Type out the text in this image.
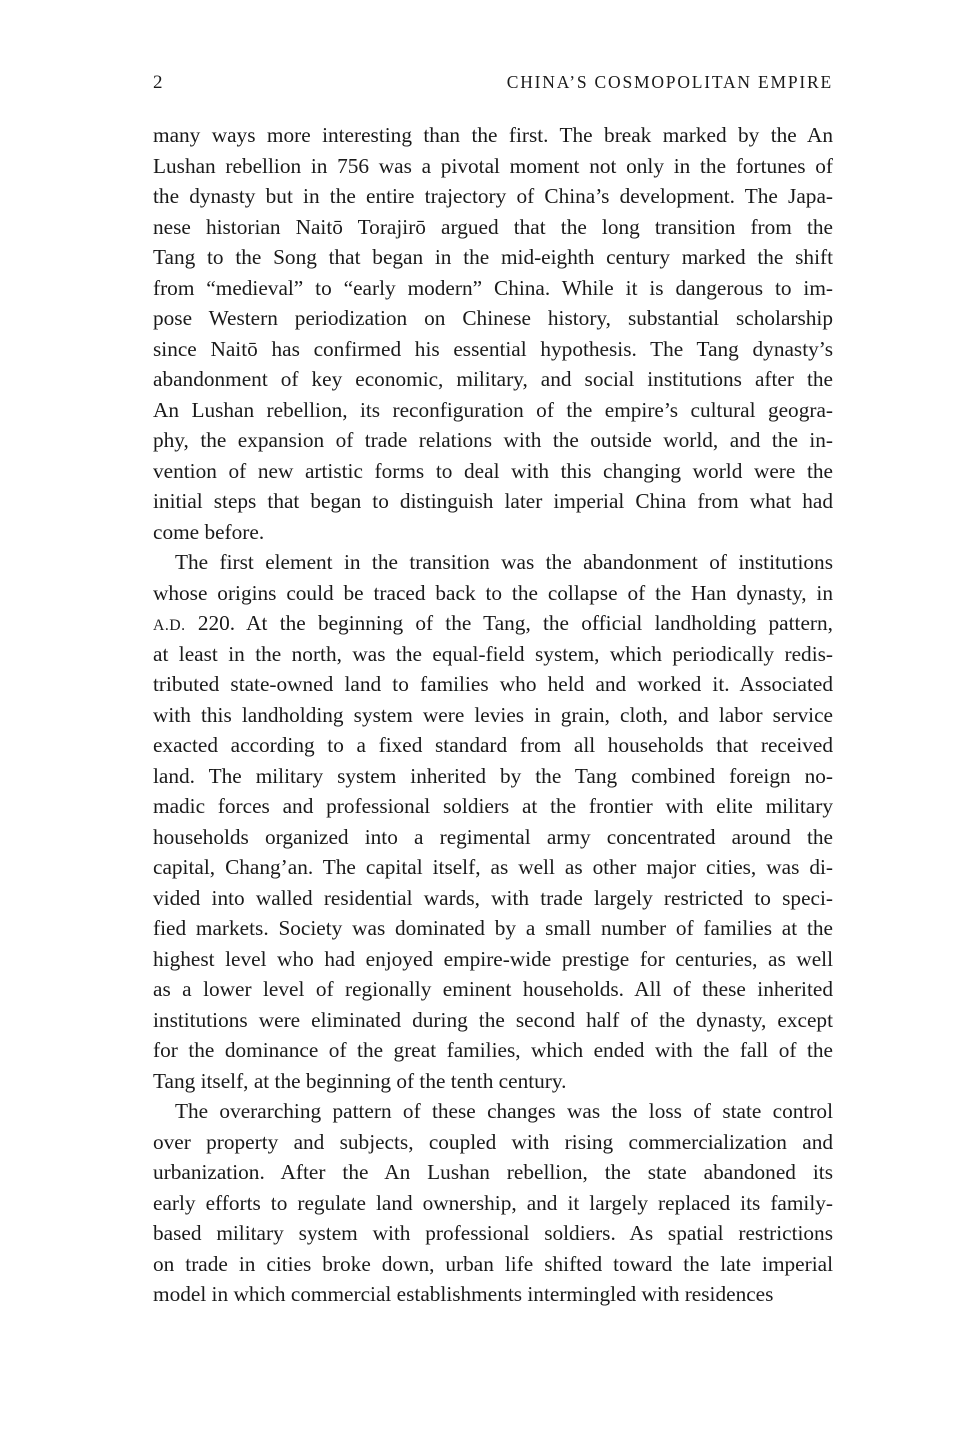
2	CHINA’S COSMOPOLITAN EMPIRE
many ways more interesting than the first. The break marked by the An
Lushan rebellion in 756 was a pivotal moment not only in the fortunes of
the dynasty but in the entire trajectory of China’s development. The Japa-
nese historian Naitō Torajirō argued that the long transition from the
Tang to the Song that began in the mid-eighth century marked the shift
from “medieval” to “early modern” China. While it is dangerous to im-
pose Western periodization on Chinese history, substantial scholarship
since Naitō has confirmed his essential hypothesis. The Tang dynasty’s
abandonment of key economic, military, and social institutions after the
An Lushan rebellion, its reconfiguration of the empire’s cultural geogra-
phy, the expansion of trade relations with the outside world, and the in-
vention of new artistic forms to deal with this changing world were the
initial steps that began to distinguish later imperial China from what had
come before.
The first element in the transition was the abandonment of institutions
whose origins could be traced back to the collapse of the Han dynasty, in
A.D. 220. At the beginning of the Tang, the official landholding pattern,
at least in the north, was the equal-field system, which periodically redis-
tributed state-owned land to families who held and worked it. Associated
with this landholding system were levies in grain, cloth, and labor service
exacted according to a fixed standard from all households that received
land. The military system inherited by the Tang combined foreign no-
madic forces and professional soldiers at the frontier with elite military
households organized into a regimental army concentrated around the
capital, Chang’an. The capital itself, as well as other major cities, was di-
vided into walled residential wards, with trade largely restricted to speci-
fied markets. Society was dominated by a small number of families at the
highest level who had enjoyed empire-wide prestige for centuries, as well
as a lower level of regionally eminent households. All of these inherited
institutions were eliminated during the second half of the dynasty, except
for the dominance of the great families, which ended with the fall of the
Tang itself, at the beginning of the tenth century.
The overarching pattern of these changes was the loss of state control
over property and subjects, coupled with rising commercialization and
urbanization. After the An Lushan rebellion, the state abandoned its
early efforts to regulate land ownership, and it largely replaced its family-
based military system with professional soldiers. As spatial restrictions
on trade in cities broke down, urban life shifted toward the late imperial
model in which commercial establishments intermingled with residences
